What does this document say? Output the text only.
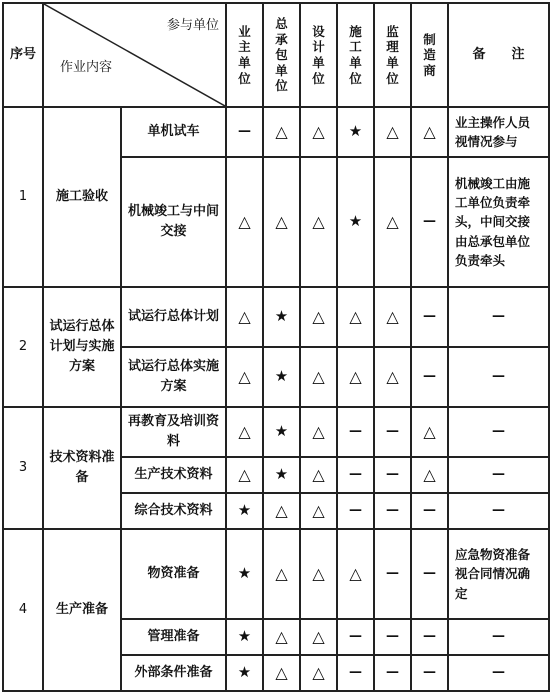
序号	参与单位
作业内容		业主单位	总承包单位	设计单位	施工单位	监理单位	制造商	备　　注
1	施工验收	单机试车	—	△	△	★	△	△	业主操作人员视情况参与
		机械竣工与中间交接	△	△	△	★	△	—	机械竣工由施工单位负责牵头，中间交接由总承包单位负责牵头
2	试运行总体计划与实施方案	试运行总体计划	△	★	△	△	△	—	—
		试运行总体实施方案	△	★	△	△	△	—	—
3	技术资料准备	再教育及培训资料	△	★	△	—	—	△	—
		生产技术资料	△	★	△	—	—	△	—
		综合技术资料	★	△	△	—	—	—	—
4	生产准备	物资准备	★	△	△	△	—	—	应急物资准备视合同情况确定
		管理准备	★	△	△	—	—	—	—
		外部条件准备	★	△	△	—	—	—	—
